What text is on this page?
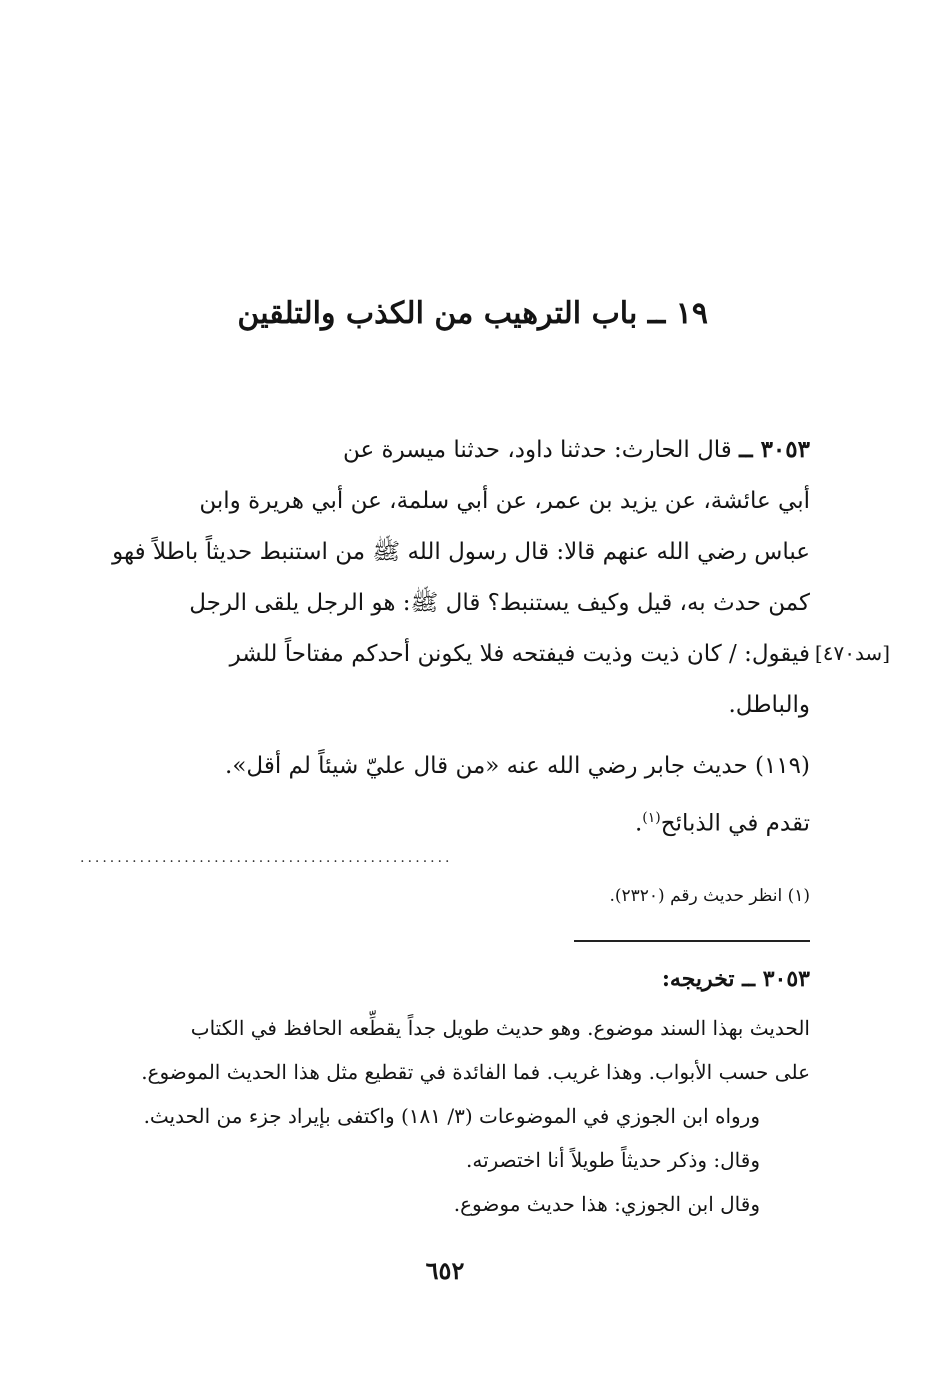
١٩ ــ باب الترهيب من الكذب والتلقين

٣٠٥٣ ــ قال الحارث: حدثنا داود، حدثنا ميسرة عن

أبي عائشة، عن يزيد بن عمر، عن أبي سلمة، عن أبي هريرة وابن

عباس رضي الله عنهم قالا: قال رسول الله ﷺ من استنبط حديثاً باطلاً فهو

كمن حدث به، قيل وكيف يستنبط؟ قال ﷺ: هو الرجل يلقى الرجل

فيقول: / كان ذيت وذيت فيفتحه فلا يكونن أحدكم مفتاحاً للشر

والباطل.

[سد٤٧٠]

(١١٩) حديث جابر رضي الله عنه «من قال عليّ شيئاً لم أقل».

تقدم في الذبائح$^{(١)}$.

..................................................
(١) انظر حديث رقم (٢٣٢٠).
٣٠٥٣ ــ تخريجه:

الحديث بهذا السند موضوع. وهو حديث طويل جداً يقطِّعه الحافظ في الكتاب

على حسب الأبواب. وهذا غريب. فما الفائدة في تقطيع مثل هذا الحديث الموضوع.

ورواه ابن الجوزي في الموضوعات (٣/ ١٨١) واكتفى بإيراد جزء من الحديث.

وقال: وذكر حديثاً طويلاً أنا اختصرته.

وقال ابن الجوزي: هذا حديث موضوع.

٦٥٢
